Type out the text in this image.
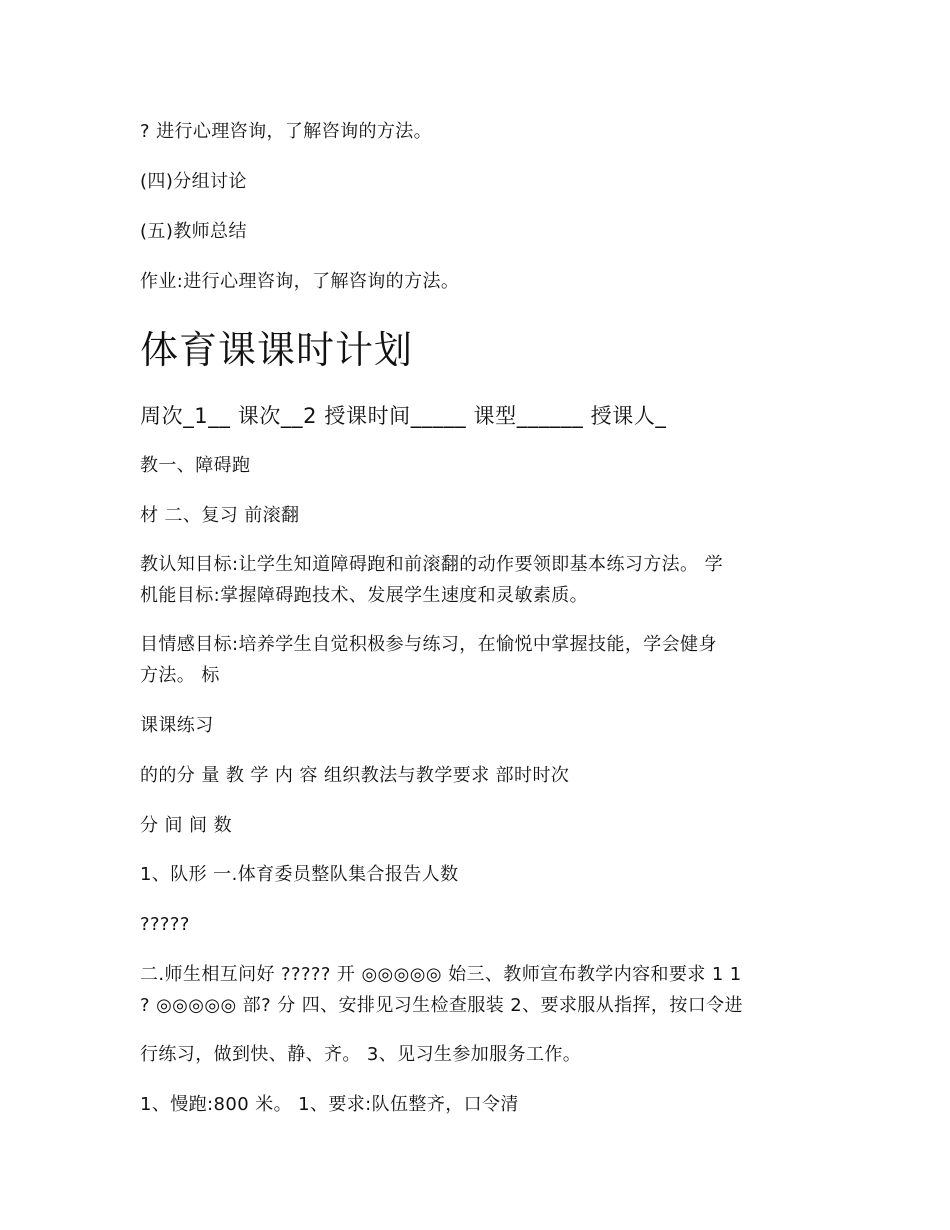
? 进行心理咨询，了解咨询的方法。
(四)分组讨论
(五)教师总结
作业:进行心理咨询，了解咨询的方法。
体育课课时计划
周次_1__ 课次__2 授课时间_____ 课型______ 授课人_
教一、障碍跑
材 二、复习 前滚翻
教认知目标:让学生知道障碍跑和前滚翻的动作要领即基本练习方法。 学
机能目标:掌握障碍跑技术、发展学生速度和灵敏素质。
目情感目标:培养学生自觉积极参与练习，在愉悦中掌握技能，学会健身
方法。 标
课课练习
的的分 量 教 学 内 容 组织教法与教学要求 部时时次
分 间 间 数
1、队形 一.体育委员整队集合报告人数
?????
二.师生相互问好 ????? 开 ◎◎◎◎◎ 始三、教师宣布教学内容和要求 1 1
? ◎◎◎◎◎ 部? 分 四、安排见习生检查服装 2、要求服从指挥，按口令进
行练习，做到快、静、齐。 3、见习生参加服务工作。
1、慢跑:800 米。 1、要求:队伍整齐，口令清
